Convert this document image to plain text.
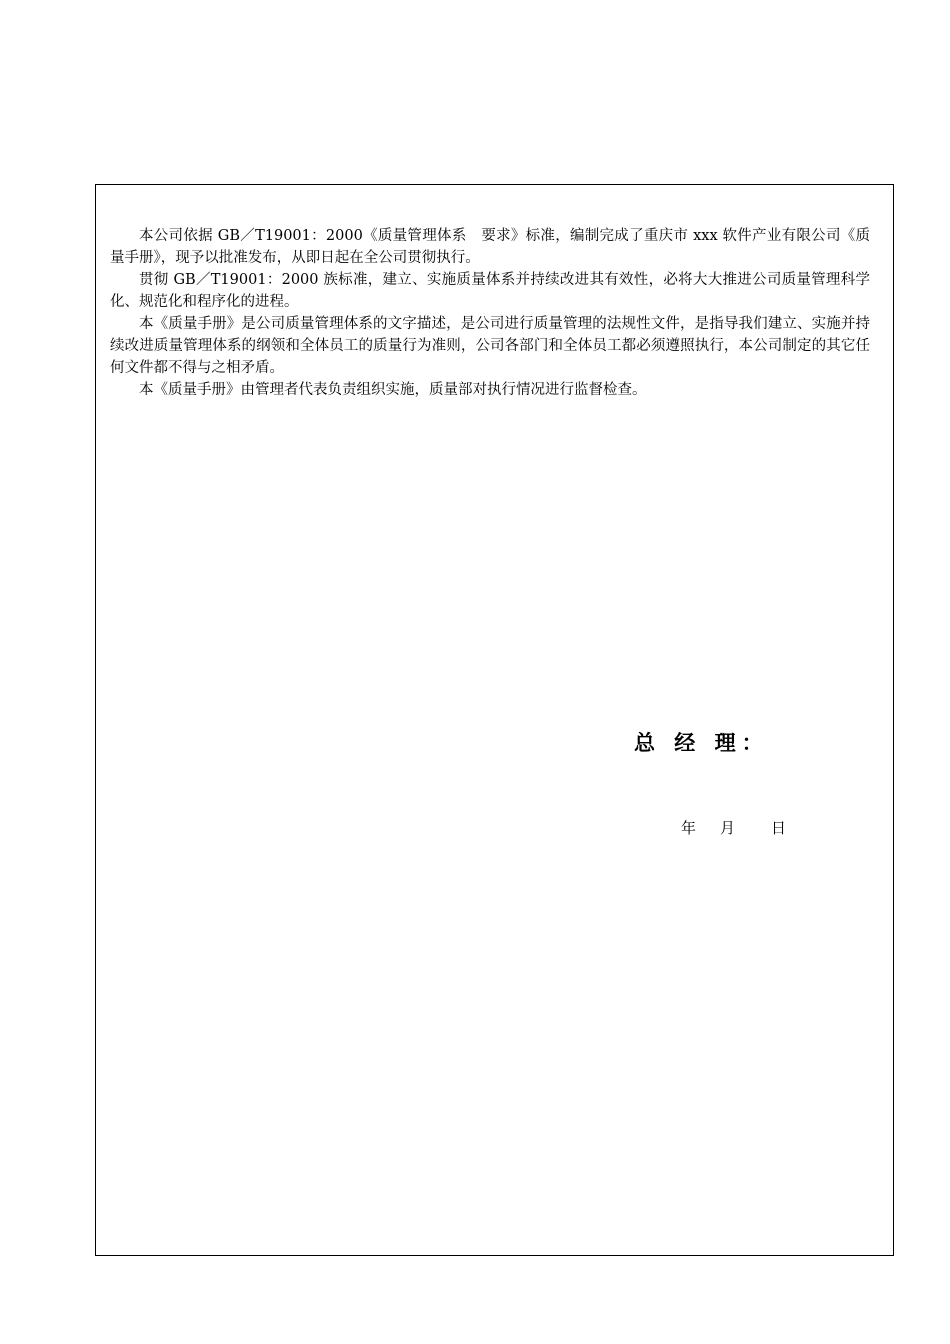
本公司依据 GB／T19001：2000《质量管理体系　要求》标准，编制完成了重庆市 xxx 软件产业有限公司《质量手册》，现予以批准发布，从即日起在全公司贯彻执行。

贯彻 GB／T19001：2000 族标准，建立、实施质量体系并持续改进其有效性，必将大大推进公司质量管理科学化、规范化和程序化的进程。

本《质量手册》是公司质量管理体系的文字描述，是公司进行质量管理的法规性文件，是指导我们建立、实施并持续改进质量管理体系的纲领和全体员工的质量行为准则，公司各部门和全体员工都必须遵照执行，本公司制定的其它任何文件都不得与之相矛盾。

本《质量手册》由管理者代表负责组织实施，质量部对执行情况进行监督检查。

总 经 理：
年 月 日
